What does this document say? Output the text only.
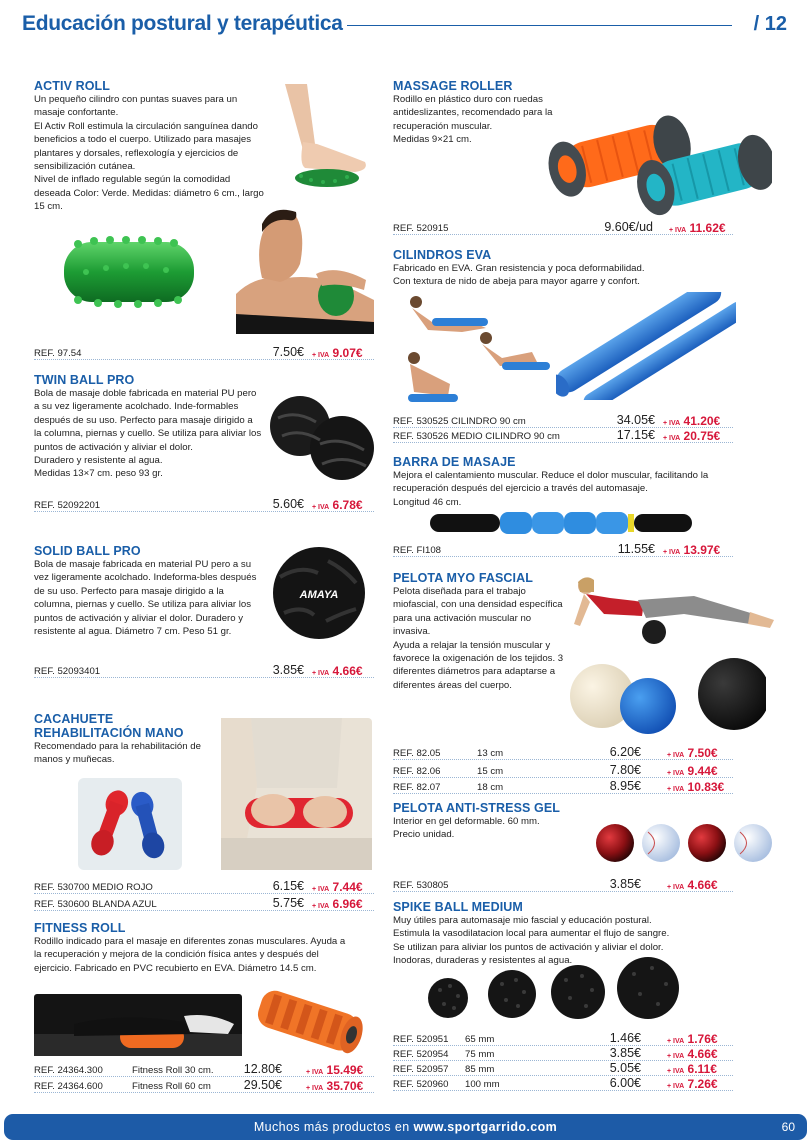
Educación postural y terapéutica	/ 12
ACTIV ROLL
Un pequeño cilindro con puntas suaves para un masaje confortante.
El Activ Roll estimula la circulación sanguínea dando beneficios a todo el cuerpo. Utilizado para masajes plantares y dorsales, reflexología y ejercicios de sensibilización cutánea.
Nivel de inflado regulable según la comodidad deseada Color: Verde. Medidas: diámetro 6 cm., largo 15 cm.
REF. 97.54	7.50€ + IVA 9.07€
TWIN BALL PRO
Bola de masaje doble fabricada en material PU pero a su vez ligeramente acolchado. Inde-formables después de su uso. Perfecto para masaje dirigido a la columna, piernas y cuello. Se utiliza para aliviar los puntos de activación y aliviar el dolor.
Duradero y resistente al agua.
Medidas 13×7 cm. peso 93 gr.
REF. 52092201	5.60€ + IVA 6.78€
SOLID BALL PRO
Bola de masaje fabricada en material PU pero a su vez ligeramente acolchado. Indeforma-bles después de su uso. Perfecto para masaje dirigido a la columna, piernas y cuello. Se utiliza para aliviar los puntos de activación y aliviar el dolor. Duradero y resistente al agua. Diámetro 7 cm. Peso 51 gr.
AMAYA
REF. 52093401	3.85€ + IVA 4.66€
CACAHUETE
REHABILITACIÓN MANO
Recomendado para la rehabilitación de manos y muñecas.
REF. 530700 MEDIO ROJO	6.15€ + IVA 7.44€
REF. 530600 BLANDA AZUL	5.75€ + IVA 6.96€
FITNESS ROLL
Rodillo indicado para el masaje en diferentes zonas musculares. Ayuda a la recuperación y mejora de la condición física antes y después del ejercicio. Fabricado en PVC recubierto en EVA. Diámetro 14.5 cm.
REF. 24364.300	Fitness Roll 30 cm.	12.80€	+ IVA 15.49€
REF. 24364.600	Fitness Roll 60 cm	29.50€	+ IVA 35.70€
MASSAGE ROLLER
Rodillo en plástico duro con ruedas antideslizantes, recomendado para la recuperación muscular.
Medidas 9×21 cm.
REF. 520915	9.60€/ud + IVA 11.62€
CILINDROS EVA
Fabricado en EVA. Gran resistencia y poca deformabilidad.
Con textura de nido de abeja para mayor agarre y confort.
REF. 530525 CILINDRO 90 cm	34.05€ + IVA 41.20€
REF. 530526 MEDIO CILINDRO 90 cm	17.15€ + IVA 20.75€
BARRA DE MASAJE
Mejora el calentamiento muscular. Reduce el dolor muscular, facilitando la recuperación después del ejercicio a través del automasaje.
Longitud 46 cm.
REF. FI108	11.55€ + IVA 13.97€
PELOTA MYO FASCIAL
Pelota diseñada para el trabajo miofascial, con una densidad específica para una activación muscular no invasiva.
Ayuda a relajar la tensión muscular y favorece la oxigenación de los tejidos. 3 diferentes diámetros para adaptarse a diferentes áreas del cuerpo.
REF. 82.05	13 cm	6.20€	+ IVA 7.50€
REF. 82.06	15 cm	7.80€	+ IVA 9.44€
REF. 82.07	18 cm	8.95€	+ IVA 10.83€
PELOTA ANTI-STRESS GEL
Interior en gel deformable. 60 mm.
Precio unidad.
REF. 530805	3.85€	+ IVA 4.66€
SPIKE BALL MEDIUM
Muy útiles para automasaje mio fascial y educación postural.
Estimula la vasodilatacion local para aumentar el flujo de sangre.
Se utilizan para aliviar los puntos de activación y aliviar el dolor.
Inodoras, duraderas y resistentes al agua.
REF. 520951 65 mm	1.46€	+ IVA 1.76€
REF. 520954 75 mm	3.85€	+ IVA 4.66€
REF. 520957 85 mm	5.05€	+ IVA 6.11€
REF. 520960 100 mm	6.00€	+ IVA 7.26€
Muchos más productos en www.sportgarrido.com	60
